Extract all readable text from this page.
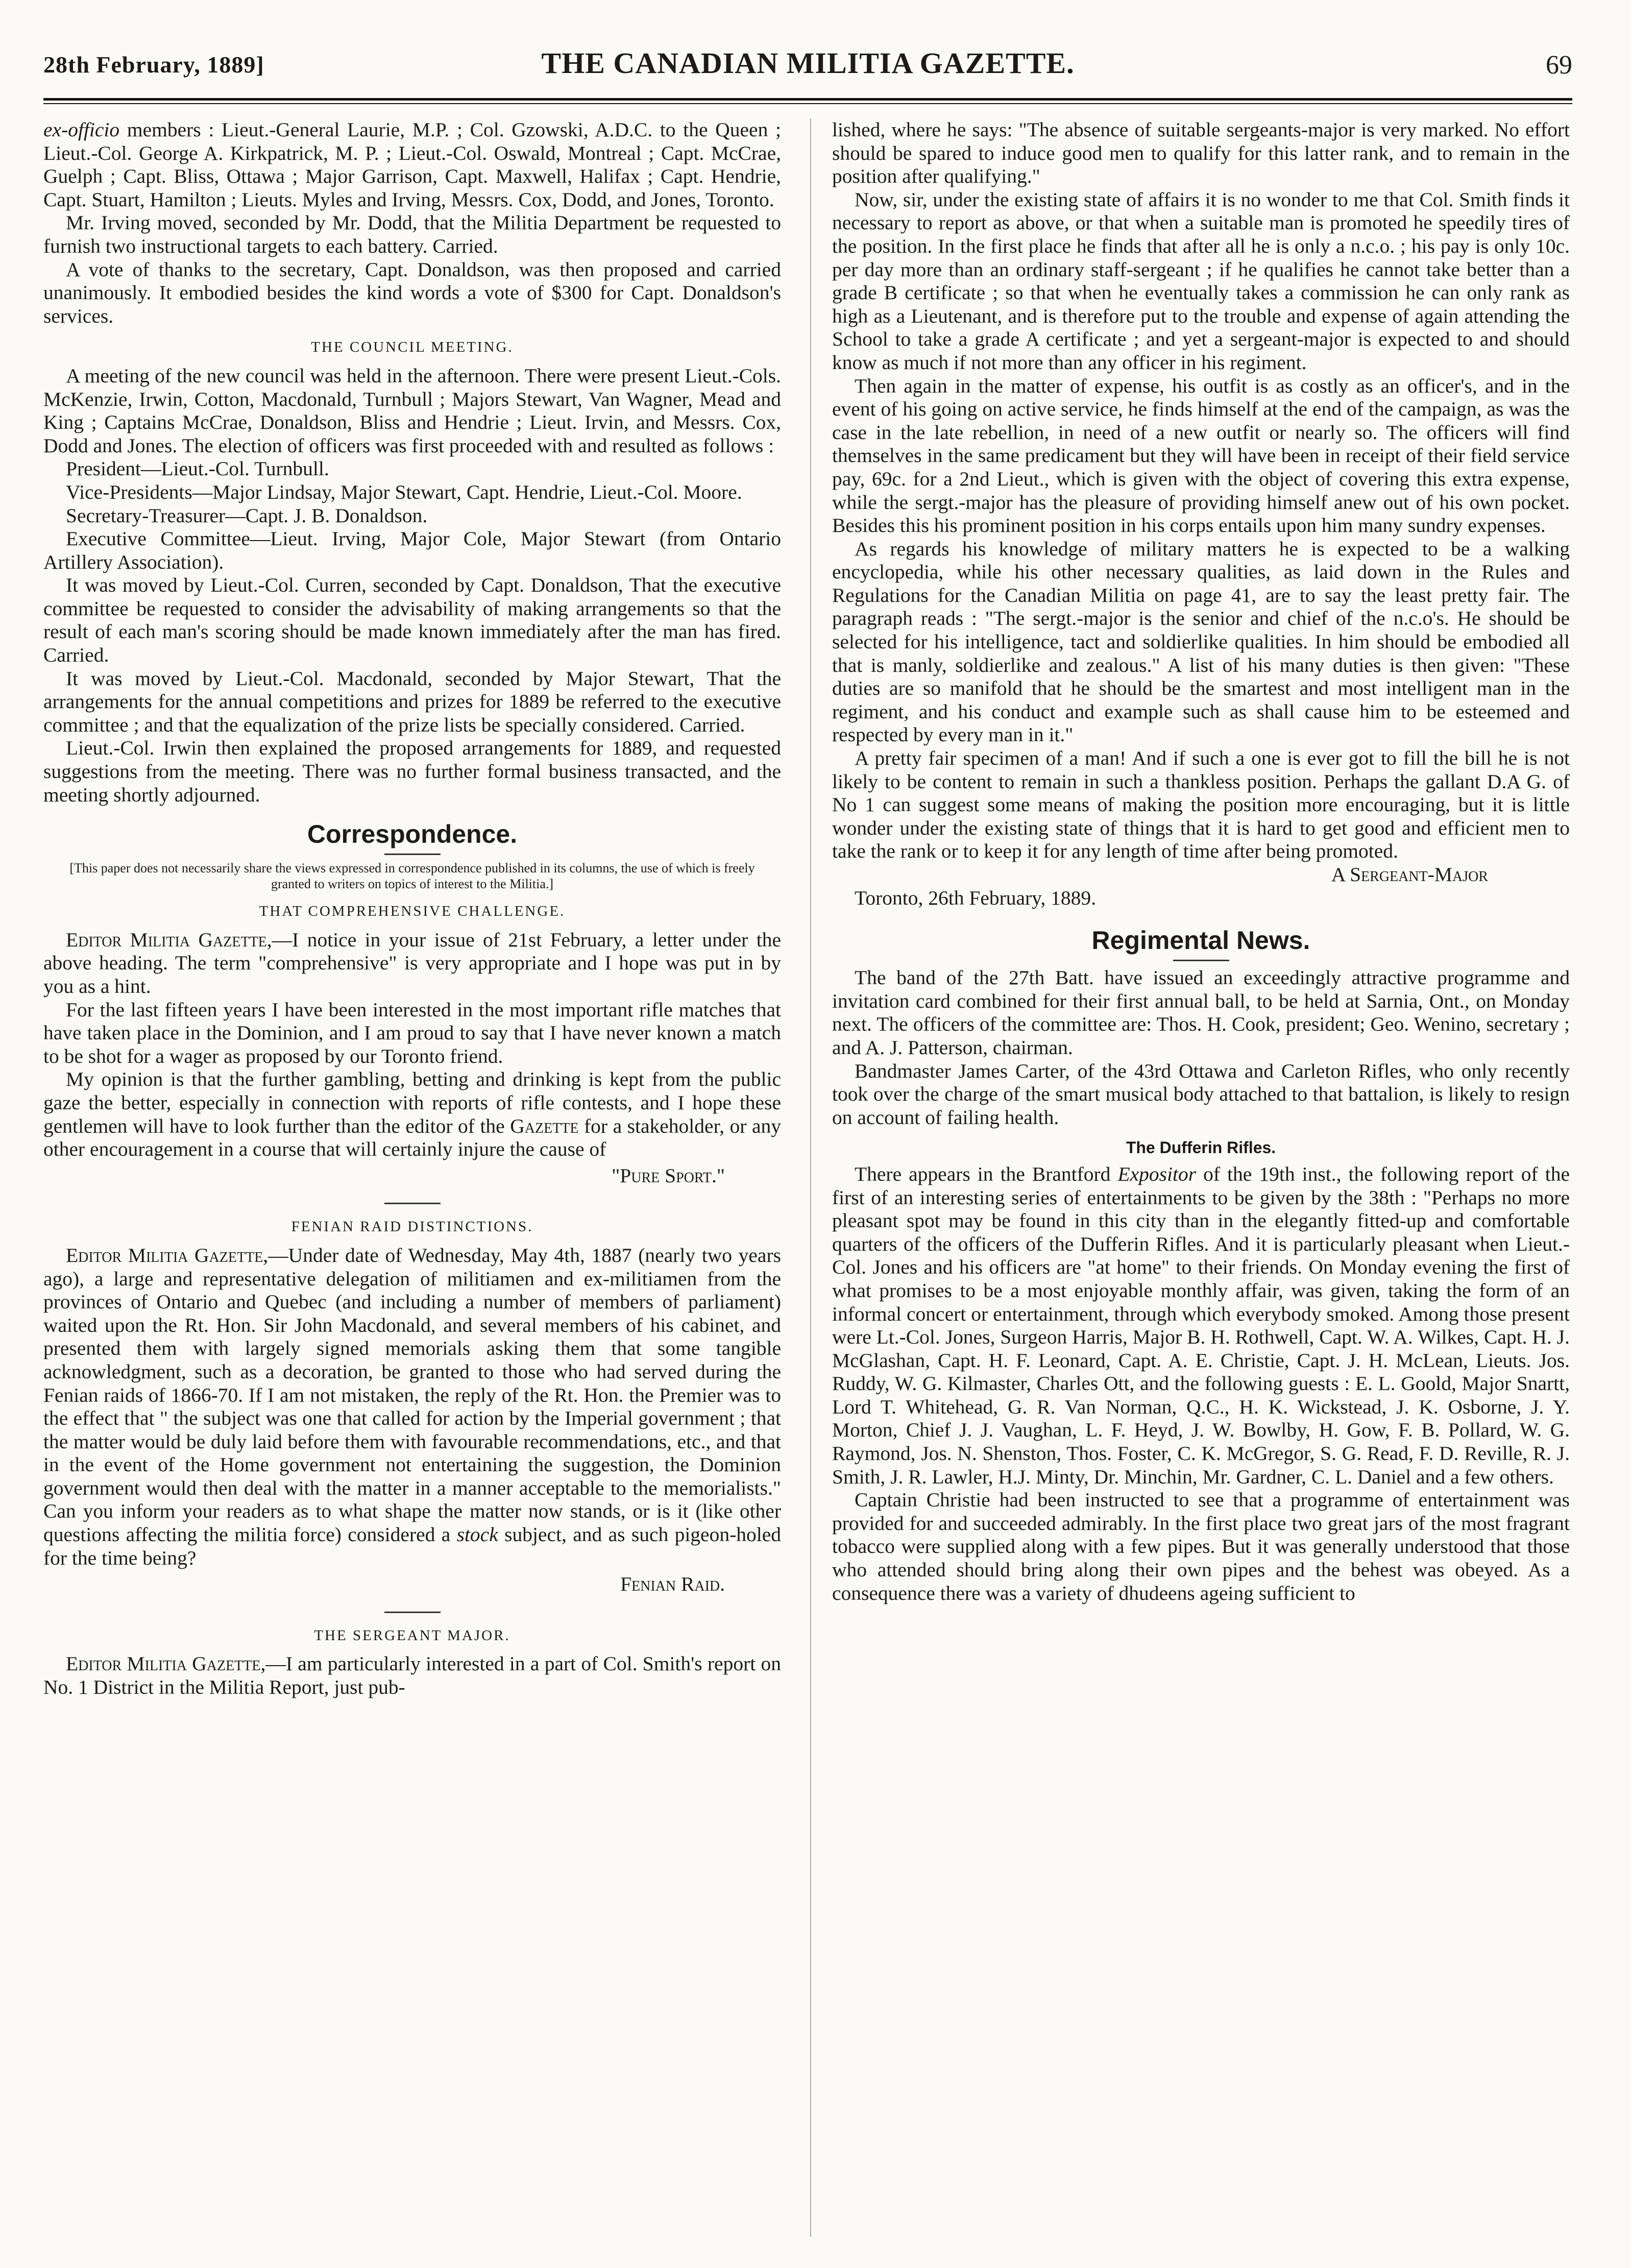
28th February, 1889]	THE CANADIAN MILITIA GAZETTE.	69

ex-officio members : Lieut.-General Laurie, M.P. ; Col. Gzowski, A.D.C. to the Queen ; Lieut.-Col. George A. Kirkpatrick, M. P. ; Lieut.-Col. Oswald, Montreal ; Capt. McCrae, Guelph ; Capt. Bliss, Ottawa ; Major Garrison, Capt. Maxwell, Halifax ; Capt. Hendrie, Capt. Stuart, Hamilton ; Lieuts. Myles and Irving, Messrs. Cox, Dodd, and Jones, Toronto.

Mr. Irving moved, seconded by Mr. Dodd, that the Militia Department be requested to furnish two instructional targets to each battery. Carried.

A vote of thanks to the secretary, Capt. Donaldson, was then proposed and carried unanimously. It embodied besides the kind words a vote of $300 for Capt. Donaldson's services.

THE COUNCIL MEETING.

A meeting of the new council was held in the afternoon. There were present Lieut.-Cols. McKenzie, Irwin, Cotton, Macdonald, Turnbull ; Majors Stewart, Van Wagner, Mead and King ; Captains McCrae, Donaldson, Bliss and Hendrie ; Lieut. Irvin, and Messrs. Cox, Dodd and Jones. The election of officers was first proceeded with and resulted as follows :

President—Lieut.-Col. Turnbull.

Vice-Presidents—Major Lindsay, Major Stewart, Capt. Hendrie, Lieut.-Col. Moore.

Secretary-Treasurer—Capt. J. B. Donaldson.

Executive Committee—Lieut. Irving, Major Cole, Major Stewart (from Ontario Artillery Association).

It was moved by Lieut.-Col. Curren, seconded by Capt. Donaldson, That the executive committee be requested to consider the advisability of making arrangements so that the result of each man's scoring should be made known immediately after the man has fired. Carried.

It was moved by Lieut.-Col. Macdonald, seconded by Major Stewart, That the arrangements for the annual competitions and prizes for 1889 be referred to the executive committee ; and that the equalization of the prize lists be specially considered. Carried.

Lieut.-Col. Irwin then explained the proposed arrangements for 1889, and requested suggestions from the meeting. There was no further formal business transacted, and the meeting shortly adjourned.

Correspondence.

[This paper does not necessarily share the views expressed in correspondence published in its columns, the use of which is freely granted to writers on topics of interest to the Militia.]

THAT COMPREHENSIVE CHALLENGE.

Editor Militia Gazette,—I notice in your issue of 21st February, a letter under the above heading. The term "comprehensive" is very appropriate and I hope was put in by you as a hint.

For the last fifteen years I have been interested in the most important rifle matches that have taken place in the Dominion, and I am proud to say that I have never known a match to be shot for a wager as proposed by our Toronto friend.

My opinion is that the further gambling, betting and drinking is kept from the public gaze the better, especially in connection with reports of rifle contests, and I hope these gentlemen will have to look further than the editor of the Gazette for a stakeholder, or any other encouragement in a course that will certainly injure the cause of

"Pure Sport."

FENIAN RAID DISTINCTIONS.

Editor Militia Gazette,—Under date of Wednesday, May 4th, 1887 (nearly two years ago), a large and representative delegation of militiamen and ex-militiamen from the provinces of Ontario and Quebec (and including a number of members of parliament) waited upon the Rt. Hon. Sir John Macdonald, and several members of his cabinet, and presented them with largely signed memorials asking them that some tangible acknowledgment, such as a decoration, be granted to those who had served during the Fenian raids of 1866-70. If I am not mistaken, the reply of the Rt. Hon. the Premier was to the effect that " the subject was one that called for action by the Imperial government ; that the matter would be duly laid before them with favourable recommendations, etc., and that in the event of the Home government not entertaining the suggestion, the Dominion government would then deal with the matter in a manner acceptable to the memorialists." Can you inform your readers as to what shape the matter now stands, or is it (like other questions affecting the militia force) considered a stock subject, and as such pigeon-holed for the time being?

Fenian Raid.

THE SERGEANT MAJOR.

Editor Militia Gazette,—I am particularly interested in a part of Col. Smith's report on No. 1 District in the Militia Report, just pub-

lished, where he says: "The absence of suitable sergeants-major is very marked. No effort should be spared to induce good men to qualify for this latter rank, and to remain in the position after qualifying."

Now, sir, under the existing state of affairs it is no wonder to me that Col. Smith finds it necessary to report as above, or that when a suitable man is promoted he speedily tires of the position. In the first place he finds that after all he is only a n.c.o. ; his pay is only 10c. per day more than an ordinary staff-sergeant ; if he qualifies he cannot take better than a grade B certificate ; so that when he eventually takes a commission he can only rank as high as a Lieutenant, and is therefore put to the trouble and expense of again attending the School to take a grade A certificate ; and yet a sergeant-major is expected to and should know as much if not more than any officer in his regiment.

Then again in the matter of expense, his outfit is as costly as an officer's, and in the event of his going on active service, he finds himself at the end of the campaign, as was the case in the late rebellion, in need of a new outfit or nearly so. The officers will find themselves in the same predicament but they will have been in receipt of their field service pay, 69c. for a 2nd Lieut., which is given with the object of covering this extra expense, while the sergt.-major has the pleasure of providing himself anew out of his own pocket. Besides this his prominent position in his corps entails upon him many sundry expenses.

As regards his knowledge of military matters he is expected to be a walking encyclopedia, while his other necessary qualities, as laid down in the Rules and Regulations for the Canadian Militia on page 41, are to say the least pretty fair. The paragraph reads : "The sergt.-major is the senior and chief of the n.c.o's. He should be selected for his intelligence, tact and soldierlike qualities. In him should be embodied all that is manly, soldierlike and zealous." A list of his many duties is then given: "These duties are so manifold that he should be the smartest and most intelligent man in the regiment, and his conduct and example such as shall cause him to be esteemed and respected by every man in it."

A pretty fair specimen of a man! And if such a one is ever got to fill the bill he is not likely to be content to remain in such a thankless position. Perhaps the gallant D.A G. of No 1 can suggest some means of making the position more encouraging, but it is little wonder under the existing state of things that it is hard to get good and efficient men to take the rank or to keep it for any length of time after being promoted.

A Sergeant-Major

Toronto, 26th February, 1889.

Regimental News.

The band of the 27th Batt. have issued an exceedingly attractive programme and invitation card combined for their first annual ball, to be held at Sarnia, Ont., on Monday next. The officers of the committee are: Thos. H. Cook, president; Geo. Wenino, secretary ; and A. J. Patterson, chairman.

Bandmaster James Carter, of the 43rd Ottawa and Carleton Rifles, who only recently took over the charge of the smart musical body attached to that battalion, is likely to resign on account of failing health.

The Dufferin Rifles.

There appears in the Brantford Expositor of the 19th inst., the following report of the first of an interesting series of entertainments to be given by the 38th : "Perhaps no more pleasant spot may be found in this city than in the elegantly fitted-up and comfortable quarters of the officers of the Dufferin Rifles. And it is particularly pleasant when Lieut.-Col. Jones and his officers are "at home" to their friends. On Monday evening the first of what promises to be a most enjoyable monthly affair, was given, taking the form of an informal concert or entertainment, through which everybody smoked. Among those present were Lt.-Col. Jones, Surgeon Harris, Major B. H. Rothwell, Capt. W. A. Wilkes, Capt. H. J. McGlashan, Capt. H. F. Leonard, Capt. A. E. Christie, Capt. J. H. McLean, Lieuts. Jos. Ruddy, W. G. Kilmaster, Charles Ott, and the following guests : E. L. Goold, Major Snartt, Lord T. Whitehead, G. R. Van Norman, Q.C., H. K. Wickstead, J. K. Osborne, J. Y. Morton, Chief J. J. Vaughan, L. F. Heyd, J. W. Bowlby, H. Gow, F. B. Pollard, W. G. Raymond, Jos. N. Shenston, Thos. Foster, C. K. McGregor, S. G. Read, F. D. Reville, R. J. Smith, J. R. Lawler, H.J. Minty, Dr. Minchin, Mr. Gardner, C. L. Daniel and a few others.

Captain Christie had been instructed to see that a programme of entertainment was provided for and succeeded admirably. In the first place two great jars of the most fragrant tobacco were supplied along with a few pipes. But it was generally understood that those who attended should bring along their own pipes and the behest was obeyed. As a consequence there was a variety of dhudeens ageing sufficient to
